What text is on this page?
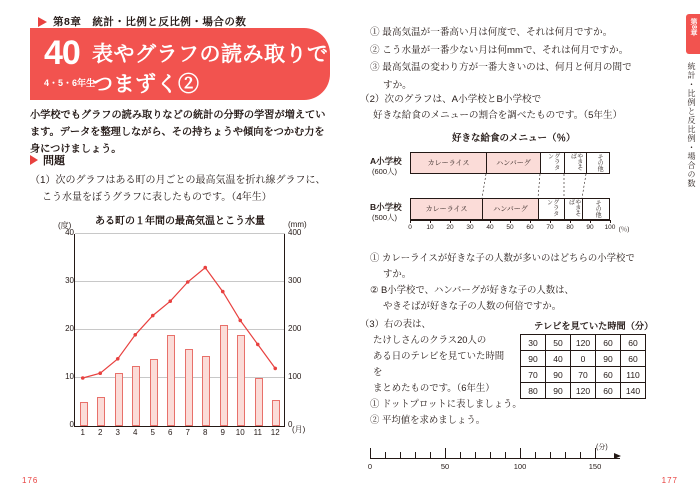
第8章　統計・比例と反比例・場合の数
40 表やグラフの読み取りで
つまずく②
4・5・6年生
小学校でもグラフの読み取りなどの統計の分野の学習が増えています。データを整理しながら、その持ちょうや傾向をつかむ力を身につけましょう。
問題
（1）次のグラフはある町の月ごとの最高気温を折れ線グラフに、
こう水量をぼうグラフに表したものです。（4年生）
ある町の１年間の最高気温とこう水量
(度)	(mm)
(月)
0
10
20
30
40
0
100
200
300
400
1	2	3	4	5	6	7	8	9	10	11	12
176
① 最高気温が一番高い月は何度で、それは何月ですか。
② こう水量が一番少ない月は何mmで、それは何月ですか。
③ 最高気温の変わり方が一番大きいのは、何月と何月の間ですか。
（2）次のグラフは、A小学校とB小学校で
好きな給食のメニューの割合を調べたものです。（5年生）
好きな給食のメニュー（％）
カレーライス	ハンバーグ	グラタン	やきそば	その他
A小学校
(600人)
カレーライス	ハンバーグ	グラタン	やきそば	その他
B小学校
(500人)
0	10	20	30	40	50	60	70	80	90	100 (％)
① カレーライスが好きな子の人数が多いのはどちらの小学校ですか。
② B小学校で、ハンバーグが好きな子の人数は、
やきそばが好きな子の人数の何倍ですか。
（3）右の表は、
たけしさんのクラス20人の
ある日のテレビを見ていた時間を
まとめたものです。（6年生）
① ドットプロットに表しましょう。
② 平均値を求めましょう。
テレビを見ていた時間（分）
30	50	120	60	60
90	40	0	90	60
70	90	70	60	110
80	90	120	60	140
(分)
0	50	100	150
第8章
統計・比例と反比例・場合の数
177
